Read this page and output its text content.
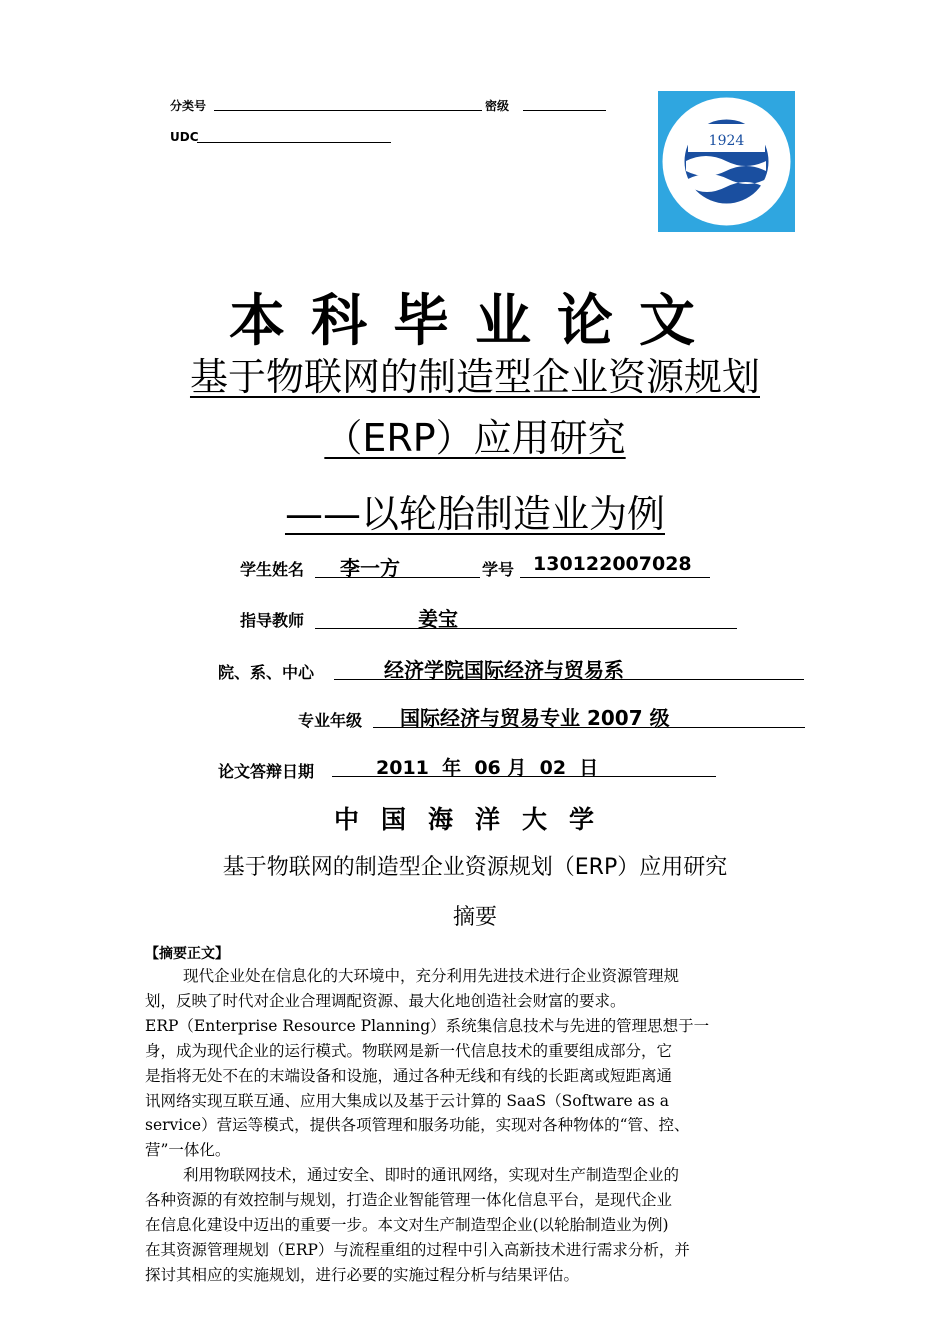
分类号	密级
UDC	1924
本科毕业论文
基于物联网的制造型企业资源规划
（ERP）应用研究
——以轮胎制造业为例
学生姓名 李一方	学号 130122007028
指导教师	姜宝
院、系、中心	经济学院国际经济与贸易系
专业年级 国际经济与贸易专业 2007 级
论文答辩日期	2011  年  06 月  02  日
中国海洋大学
基于物联网的制造型企业资源规划（ERP）应用研究
摘要
【摘要正文】

现代企业处在信息化的大环境中，充分利用先进技术进行企业资源管理规

划，反映了时代对企业合理调配资源、最大化地创造社会财富的要求。

ERP（Enterprise Resource Planning）系统集信息技术与先进的管理思想于一

身，成为现代企业的运行模式。物联网是新一代信息技术的重要组成部分，它

是指将无处不在的末端设备和设施，通过各种无线和有线的长距离或短距离通

讯网络实现互联互通、应用大集成以及基于云计算的 SaaS（Software as a

service）营运等模式，提供各项管理和服务功能，实现对各种物体的“管、控、

营”一体化。

利用物联网技术，通过安全、即时的通讯网络，实现对生产制造型企业的

各种资源的有效控制与规划，打造企业智能管理一体化信息平台，是现代企业

在信息化建设中迈出的重要一步。本文对生产制造型企业(以轮胎制造业为例)

在其资源管理规划（ERP）与流程重组的过程中引入高新技术进行需求分析，并

探讨其相应的实施规划，进行必要的实施过程分析与结果评估。
